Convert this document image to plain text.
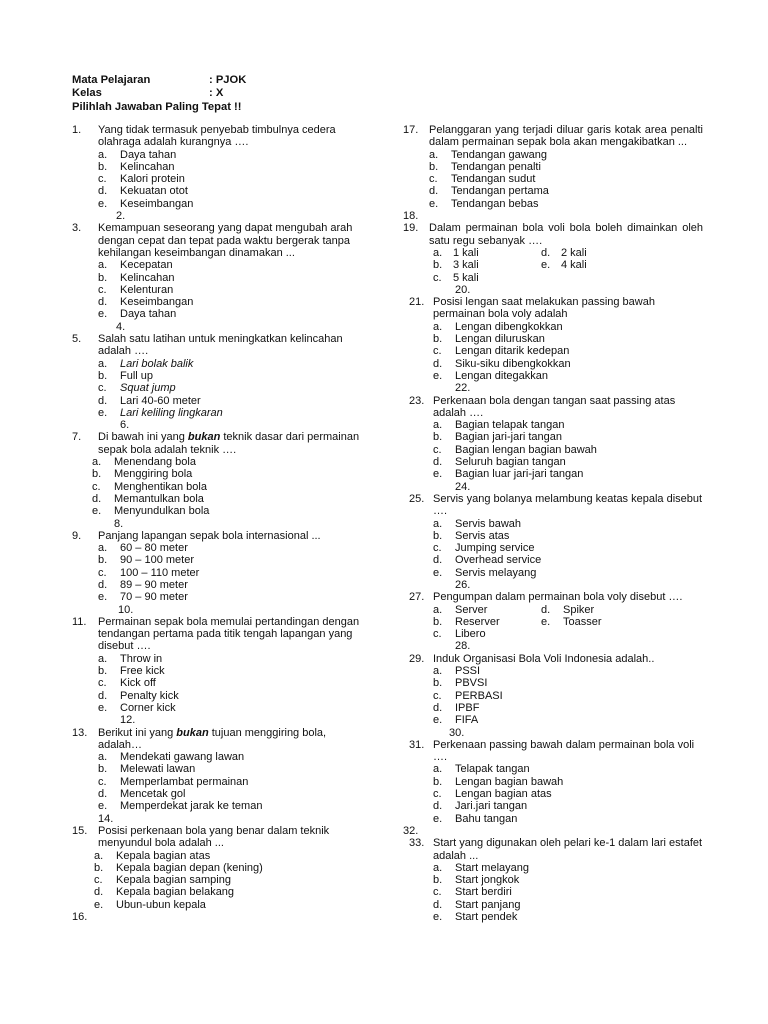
Mata Pelajaran	: PJOK
Kelas	: X
Pilihlah Jawaban Paling Tepat !!
1.	Yang tidak termasuk penyebab timbulnya cedera olahraga adalah kurangnya ….
a. Daya tahan
b. Kelincahan
c. Kalori protein
d. Kekuatan otot
e. Keseimbangan
2.
3.	Kemampuan seseorang yang dapat mengubah arah dengan cepat dan tepat pada waktu bergerak tanpa kehilangan keseimbangan dinamakan ...
a. Kecepatan
b. Kelincahan
c. Kelenturan
d. Keseimbangan
e. Daya tahan
4.
5.	Salah satu latihan untuk meningkatkan kelincahan adalah ….
a. Lari bolak balik
b. Full up
c. Squat jump
d. Lari 40-60 meter
e. Lari keliling lingkaran
6.
7.	Di bawah ini yang bukan teknik dasar dari permainan sepak bola adalah teknik ….
a. Menendang bola
b. Menggiring bola
c. Menghentikan bola
d. Memantulkan bola
e. Menyundulkan bola
8.
9.	Panjang lapangan sepak bola internasional ...
a. 60 – 80 meter
b. 90 – 100 meter
c. 100 – 110 meter
d. 89 – 90 meter
e. 70 – 90 meter
10.
11.	Permainan sepak bola memulai pertandingan dengan tendangan pertama pada titik tengah lapangan yang disebut ….
a. Throw in
b. Free kick
c. Kick off
d. Penalty kick
e. Corner kick
12.
13. Berikut ini yang bukan tujuan menggiring bola, adalah…
a. Mendekati gawang lawan
b. Melewati lawan
c. Memperlambat permainan
d. Mencetak gol
e. Memperdekat jarak ke teman
14.
15. Posisi perkenaan bola yang benar dalam teknik menyundul bola adalah ...
a. Kepala bagian atas
b. Kepala bagian depan (kening)
c. Kepala bagian samping
d. Kepala bagian belakang
e. Ubun-ubun kepala
16.
17. Pelanggaran yang terjadi diluar garis kotak area penalti dalam permainan sepak bola akan mengakibatkan ...
a. Tendangan gawang
b. Tendangan penalti
c. Tendangan sudut
d. Tendangan pertama
e. Tendangan bebas
18.
19. Dalam permainan bola voli bola boleh dimainkan oleh satu regu sebanyak ….
a. 1 kali	d. 2 kali
b. 3 kali	e. 4 kali
c. 5 kali
20.
21. Posisi lengan saat melakukan passing bawah permainan bola voly adalah
a. Lengan dibengkokkan
b. Lengan diluruskan
c. Lengan ditarik kedepan
d. Siku-siku dibengkokkan
e. Lengan ditegakkan
22.
23. Perkenaan bola dengan tangan saat passing atas adalah ….
a. Bagian telapak tangan
b. Bagian jari-jari tangan
c. Bagian lengan bagian bawah
d. Seluruh bagian tangan
e. Bagian luar jari-jari tangan
24.
25. Servis yang bolanya melambung keatas kepala disebut ….
a. Servis bawah
b. Servis atas
c. Jumping service
d. Overhead service
e. Servis melayang
26.
27. Pengumpan dalam permainan bola voly disebut ….
a. Server	d. Spiker
b. Reserver	e. Toasser
c. Libero
28.
29. Induk Organisasi Bola Voli Indonesia adalah..
a. PSSI
b. PBVSI
c. PERBASI
d. IPBF
e. FIFA
30.
31. Perkenaan passing bawah dalam permainan bola voli ….
a. Telapak tangan
b. Lengan bagian bawah
c. Lengan bagian atas
d. Jari.jari tangan
e. Bahu tangan
32.
33. Start yang digunakan oleh pelari ke-1 dalam lari estafet adalah ...
a. Start melayang
b. Start jongkok
c. Start berdiri
d. Start panjang
e. Start pendek
